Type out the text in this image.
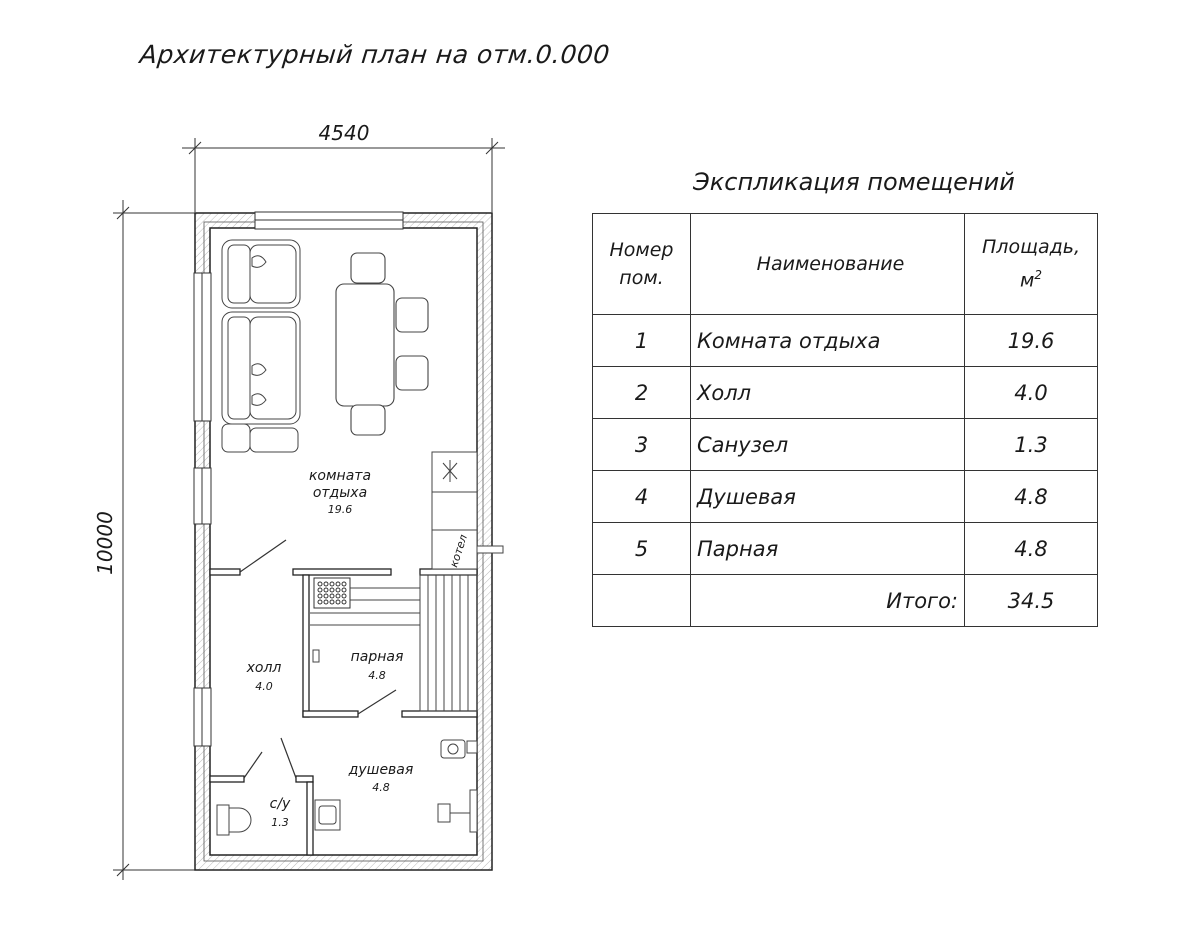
Архитектурный план на отм.0.000
4540
10000	котел
комната
отдыха
19.6
холл
4.0
парная
4.8
душевая
4.8
с/у
1.3
Экспликация помещений
Номер
пом.	Наименование	Площадь,
$м^2$
1	Комната отдыха	19.6
2	Холл	4.0
3	Санузел	1.3
4	Душевая	4.8
5	Парная	4.8
	Итого:	34.5
